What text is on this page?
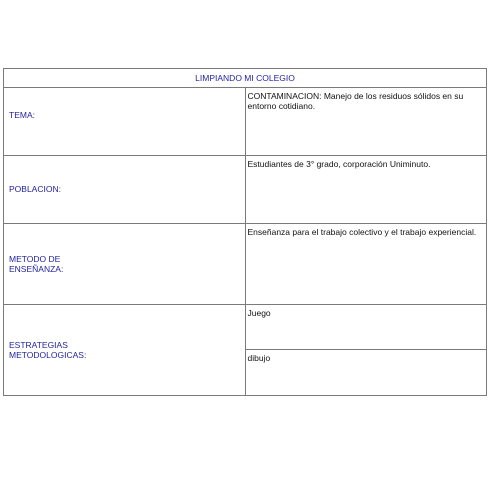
LIMPIANDO MI COLEGIO	

TEMA:	CONTAMINACION: Manejo de los residuos sólidos en su entorno cotidiano.

POBLACION:	Estudiantes de 3° grado, corporación Uniminuto.

METODO DE
ENSEÑANZA:	Enseñanza para el trabajo colectivo y el trabajo experiencial.

ESTRATEGIAS
METODOLOGICAS:	Juego
	dibujo
